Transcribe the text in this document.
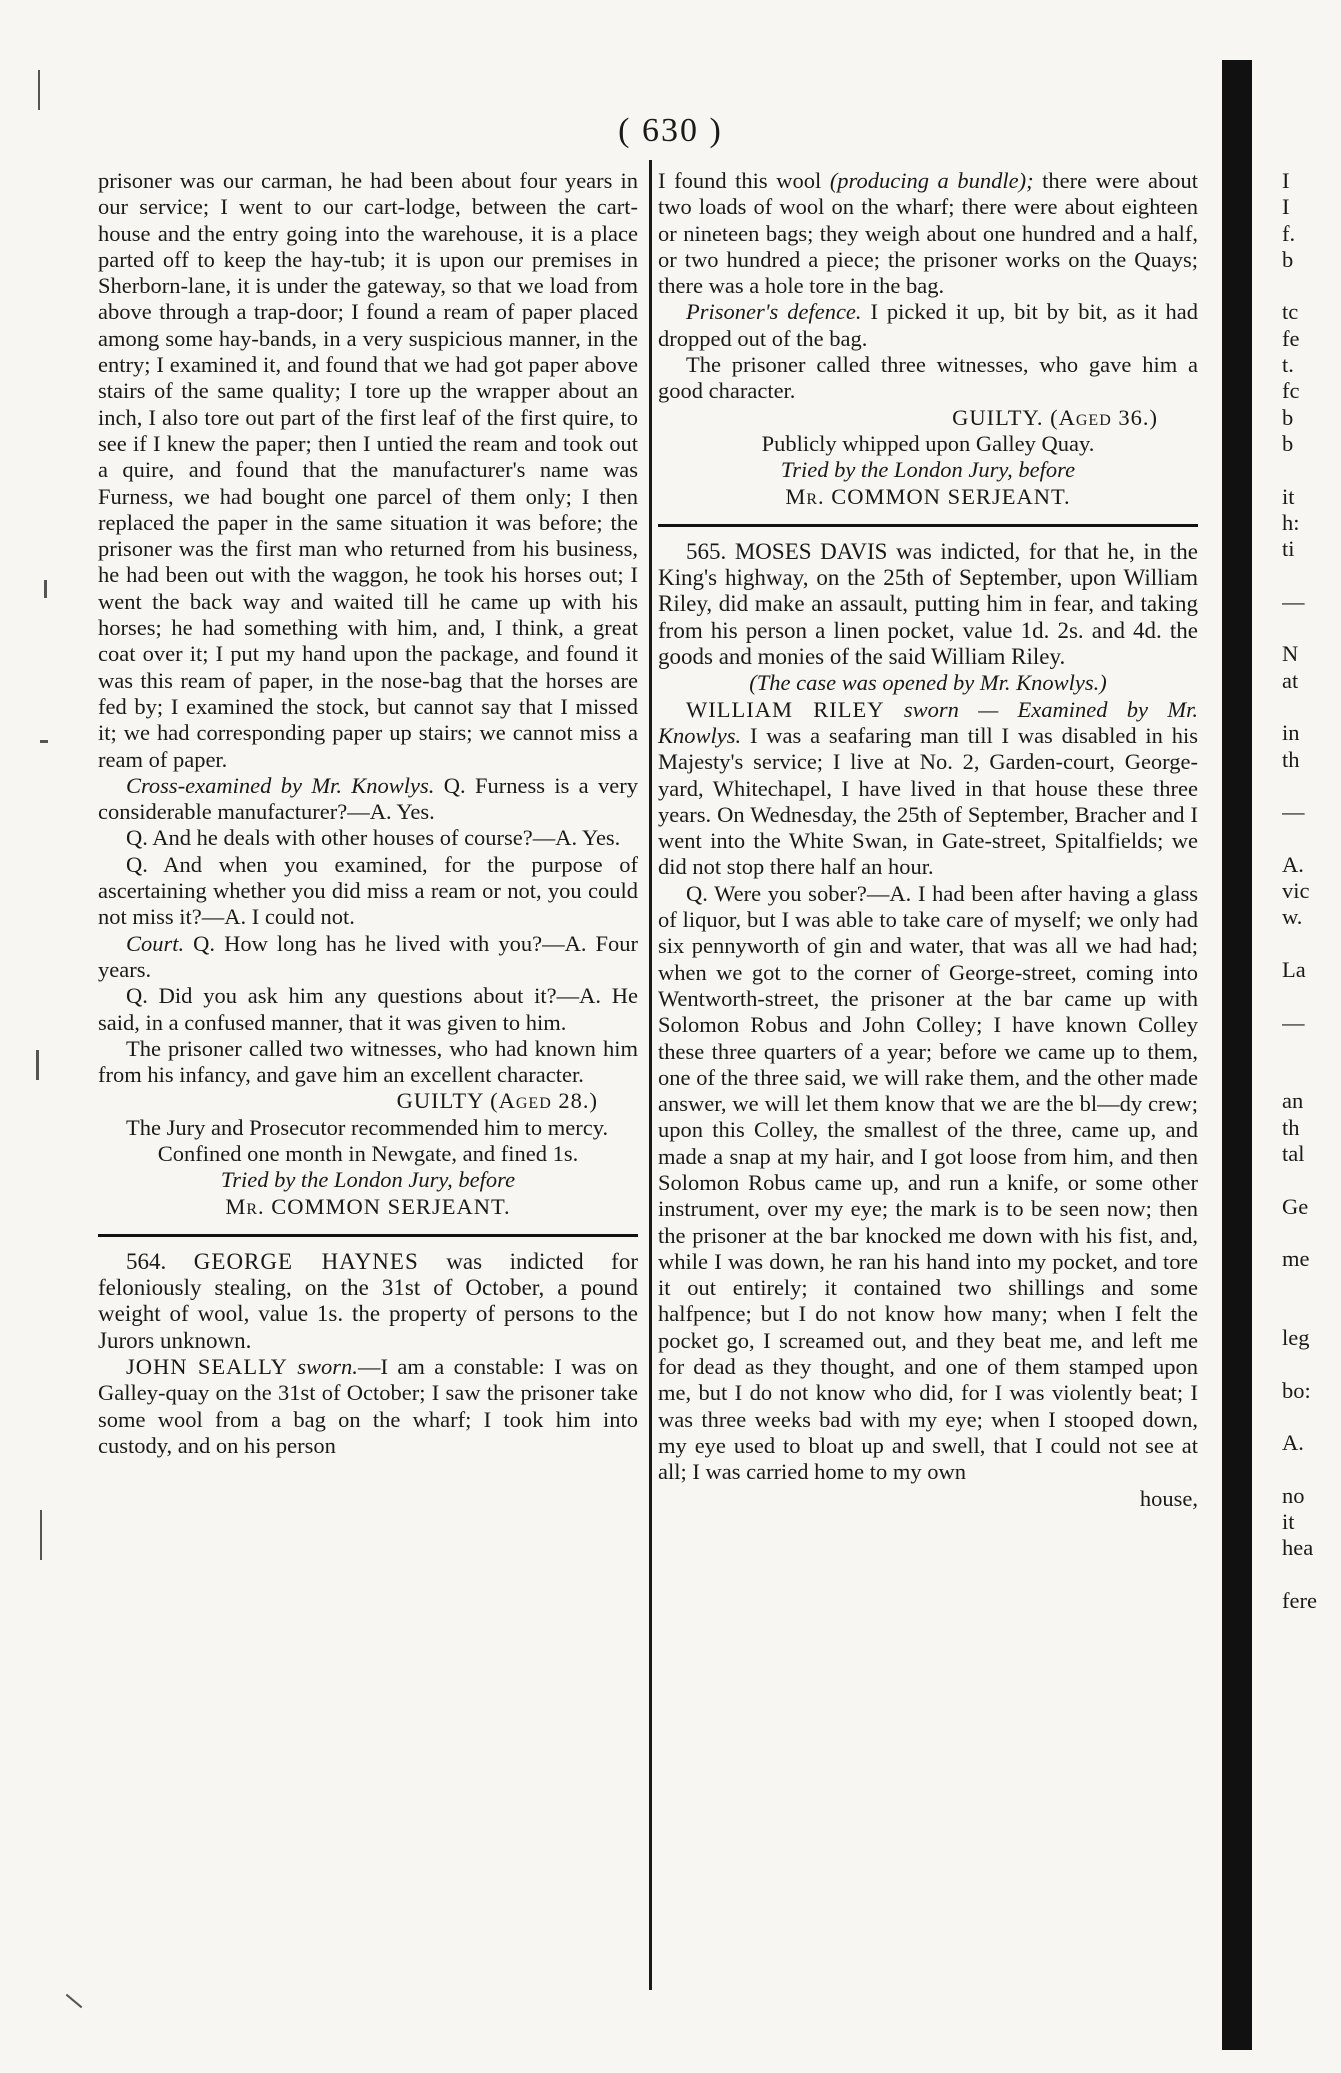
( 630 )

prisoner was our carman, he had been about four years in our service; I went to our cart-lodge, between the cart-house and the entry going into the warehouse, it is a place parted off to keep the hay-tub; it is upon our premises in Sherborn-lane, it is under the gateway, so that we load from above through a trap-door; I found a ream of paper placed among some hay-bands, in a very suspicious manner, in the entry; I examined it, and found that we had got paper above stairs of the same quality; I tore up the wrapper about an inch, I also tore out part of the first leaf of the first quire, to see if I knew the paper; then I untied the ream and took out a quire, and found that the manufacturer's name was Furness, we had bought one parcel of them only; I then replaced the paper in the same situation it was before; the prisoner was the first man who returned from his business, he had been out with the waggon, he took his horses out; I went the back way and waited till he came up with his horses; he had something with him, and, I think, a great coat over it; I put my hand upon the package, and found it was this ream of paper, in the nose-bag that the horses are fed by; I examined the stock, but cannot say that I missed it; we had corresponding paper up stairs; we cannot miss a ream of paper.

Cross-examined by Mr. Knowlys. Q. Furness is a very considerable manufacturer?—A. Yes.

Q. And he deals with other houses of course?—A. Yes.

Q. And when you examined, for the purpose of ascertaining whether you did miss a ream or not, you could not miss it?—A. I could not.

Court. Q. How long has he lived with you?—A. Four years.

Q. Did you ask him any questions about it?—A. He said, in a confused manner, that it was given to him.

The prisoner called two witnesses, who had known him from his infancy, and gave him an excellent character.

GUILTY (Aged 28.)

The Jury and Prosecutor recommended him to mercy.

Confined one month in Newgate, and fined 1s.

Tried by the London Jury, before

Mr. COMMON SERJEANT.

564. GEORGE HAYNES was indicted for feloniously stealing, on the 31st of October, a pound weight of wool, value 1s. the property of persons to the Jurors unknown.

JOHN SEALLY sworn.—I am a constable: I was on Galley-quay on the 31st of October; I saw the prisoner take some wool from a bag on the wharf; I took him into custody, and on his person

I found this wool (producing a bundle); there were about two loads of wool on the wharf; there were about eighteen or nineteen bags; they weigh about one hundred and a half, or two hundred a piece; the prisoner works on the Quays; there was a hole tore in the bag.

Prisoner's defence. I picked it up, bit by bit, as it had dropped out of the bag.

The prisoner called three witnesses, who gave him a good character.

GUILTY. (Aged 36.)

Publicly whipped upon Galley Quay.

Tried by the London Jury, before

Mr. COMMON SERJEANT.

565. MOSES DAVIS was indicted, for that he, in the King's highway, on the 25th of September, upon William Riley, did make an assault, putting him in fear, and taking from his person a linen pocket, value 1d. 2s. and 4d. the goods and monies of the said William Riley.

(The case was opened by Mr. Knowlys.)

WILLIAM RILEY sworn — Examined by Mr. Knowlys. I was a seafaring man till I was disabled in his Majesty's service; I live at No. 2, Garden-court, George-yard, Whitechapel, I have lived in that house these three years. On Wednesday, the 25th of September, Bracher and I went into the White Swan, in Gate-street, Spitalfields; we did not stop there half an hour.

Q. Were you sober?—A. I had been after having a glass of liquor, but I was able to take care of myself; we only had six pennyworth of gin and water, that was all we had had; when we got to the corner of George-street, coming into Wentworth-street, the prisoner at the bar came up with Solomon Robus and John Colley; I have known Colley these three quarters of a year; before we came up to them, one of the three said, we will rake them, and the other made answer, we will let them know that we are the bl—dy crew; upon this Colley, the smallest of the three, came up, and made a snap at my hair, and I got loose from him, and then Solomon Robus came up, and run a knife, or some other instrument, over my eye; the mark is to be seen now; then the prisoner at the bar knocked me down with his fist, and, while I was down, he ran his hand into my pocket, and tore it out entirely; it contained two shillings and some halfpence; but I do not know how many; when I felt the pocket go, I screamed out, and they beat me, and left me for dead as they thought, and one of them stamped upon me, but I do not know who did, for I was violently beat; I was three weeks bad with my eye; when I stooped down, my eye used to bloat up and swell, that I could not see at all; I was carried home to my own

house,

I
I
f.
b

tc
fe
t.
fc
b
b

it
h:
ti

—

N
at

in
th

—

A.
vic
w.

La

—

an
th
tal

Ge

me

leg

bo:

A.

no
it
hea

fere
